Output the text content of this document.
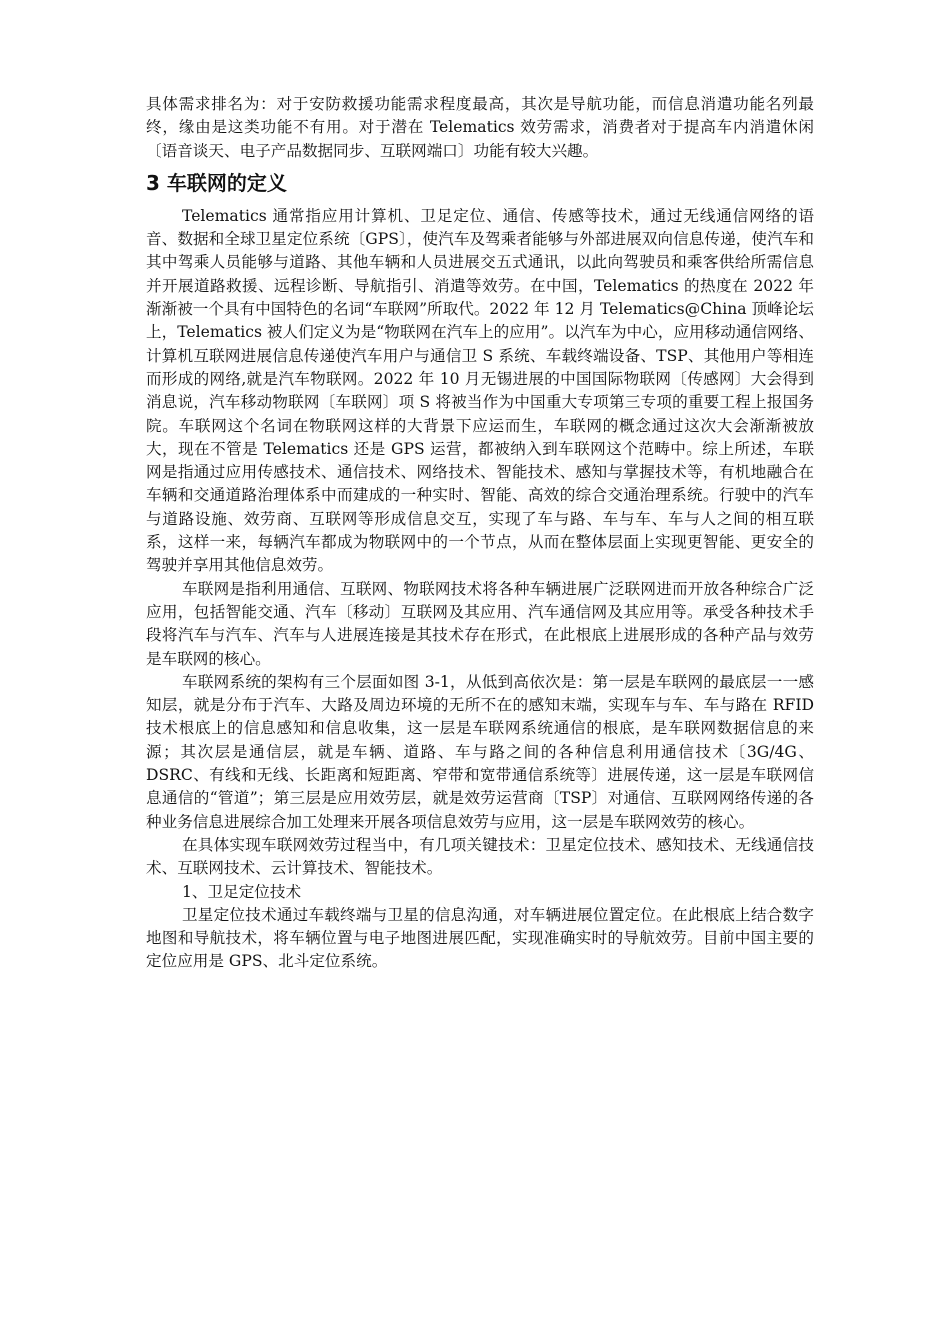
具体需求排名为：对于安防救援功能需求程度最高，其次是导航功能，而信息消遣功能名列最终，缘由是这类功能不有用。对于潜在 Telematics 效劳需求，消费者对于提高车内消遣休闲〔语音谈天、电子产品数据同步、互联网端口〕功能有较大兴趣。

3 车联网的定义

Telematics 通常指应用计算机、卫足定位、通信、传感等技术，通过无线通信网络的语音、数据和全球卫星定位系统〔GPS〕，使汽车及驾乘者能够与外部进展双向信息传递，使汽车和其中驾乘人员能够与道路、其他车辆和人员进展交五式通讯，以此向驾驶员和乘客供给所需信息并开展道路救援、远程诊断、导航指引、消遣等效劳。在中国，Telematics 的热度在 2022 年渐渐被一个具有中国特色的名词“车联网”所取代。2022 年 12 月 Telematics@China 顶峰论坛

上，Telematics 被人们定义为是“物联网在汽车上的应用”。以汽车为中心，应用移动通信网络、计算机互联网进展信息传递使汽车用户与通信卫 S 系统、车载终端设备、TSP、其他用户等相连而形成的网络,就是汽车物联网。2022 年 10 月无锡进展的中国国际物联网〔传感网〕大会得到消息说，汽车移动物联网〔车联网〕项 S 将被当作为中国重大专项第三专项的重要工程上报国务院。车联网这个名词在物联网这样的大背景下应运而生，车联网的概念通过这次大会渐渐被放大，现在不管是 Telematics 还是 GPS 运营，都被纳入到车联网这个范畴中。综上所述，车联网是指通过应用传感技术、通信技术、网络技术、智能技术、感知与掌握技术等，有机地融合在车辆和交通道路治理体系中而建成的一种实时、智能、高效的综合交通治理系统。行驶中的汽车与道路设施、效劳商、互联网等形成信息交互，实现了车与路、车与车、车与人之间的相互联系，这样一来，每辆汽车都成为物联网中的一个节点，从而在整体层面上实现更智能、更安全的驾驶并享用其他信息效劳。

车联网是指利用通信、互联网、物联网技术将各种车辆进展广泛联网进而开放各种综合广泛应用，包括智能交通、汽车〔移动〕互联网及其应用、汽车通信网及其应用等。承受各种技术手段将汽车与汽车、汽车与人进展连接是其技术存在形式，在此根底上进展形成的各种产品与效劳是车联网的核心。

车联网系统的架构有三个层面如图 3-1，从低到高依次是：第一层是车联网的最底层一一感知层，就是分布于汽车、大路及周边环境的无所不在的感知末端，实现车与车、车与路在 RFID 技术根底上的信息感知和信息收集，这一层是车联网系统通信的根底，是车联网数据信息的来源；其次层是通信层，就是车辆、道路、车与路之间的各种信息利用通信技术〔3G/4G、DSRC、有线和无线、长距离和短距离、窄带和宽带通信系统等〕进展传递，这一层是车联网信息通信的“管道”；第三层是应用效劳层，就是效劳运营商〔TSP〕对通信、互联网网络传递的各种业务信息进展综合加工处理来开展各项信息效劳与应用，这一层是车联网效劳的核心。

在具体实现车联网效劳过程当中，有几项关键技术：卫星定位技术、感知技术、无线通信技术、互联网技术、云计算技术、智能技术。

1、卫足定位技术

卫星定位技术通过车载终端与卫星的信息沟通，对车辆进展位置定位。在此根底上结合数字地图和导航技术，将车辆位置与电子地图进展匹配，实现准确实时的导航效劳。目前中国主要的定位应用是 GPS、北斗定位系统。
